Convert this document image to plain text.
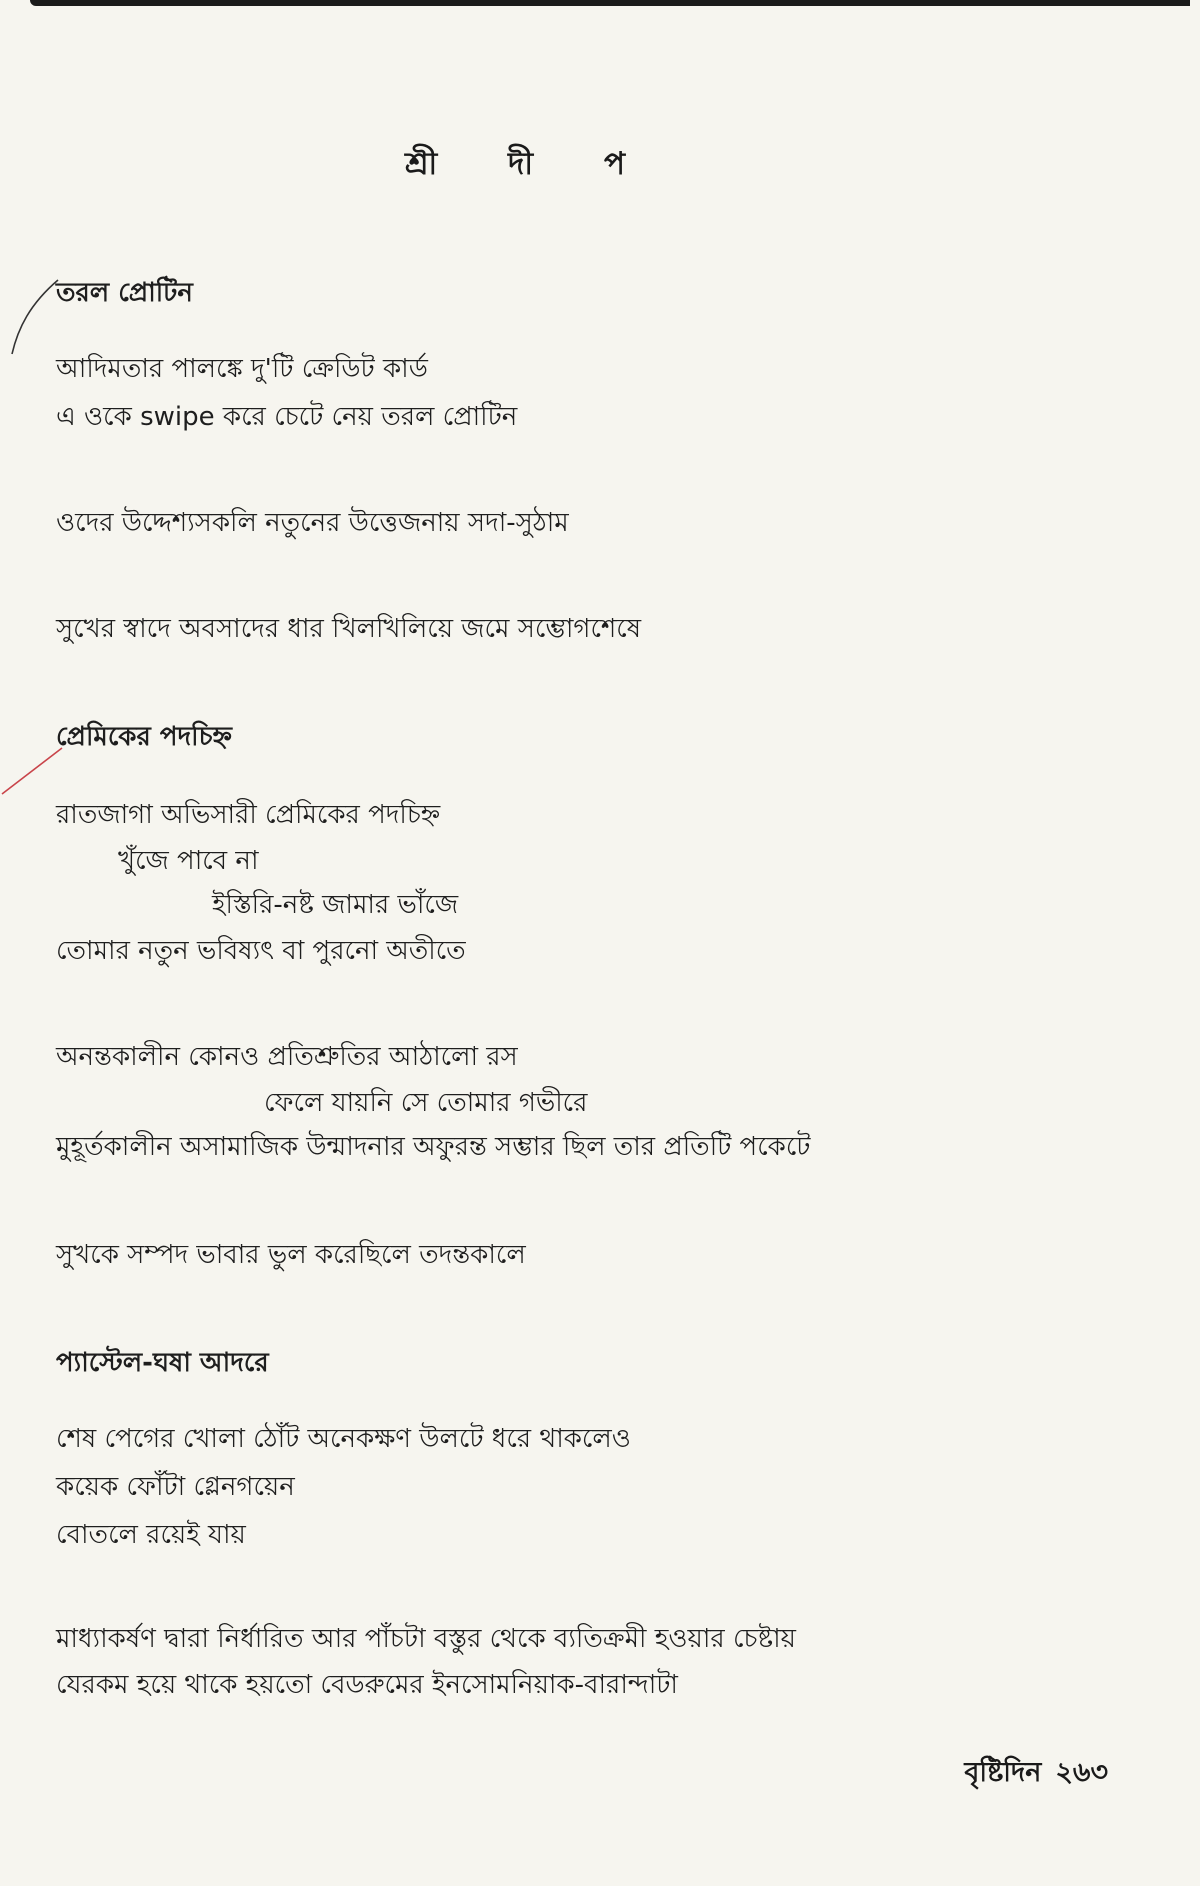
শ্রী দী প
তরল প্রোটিন
আদিমতার পালঙ্কে দু'টি ক্রেডিট কার্ড
এ ওকে swipe করে চেটে নেয় তরল প্রোটিন
ওদের উদ্দেশ্যসকলি নতুনের উত্তেজনায় সদা-সুঠাম
সুখের স্বাদে অবসাদের ধার খিলখিলিয়ে জমে সম্ভোগশেষে
প্রেমিকের পদচিহ্ন
রাতজাগা অভিসারী প্রেমিকের পদচিহ্ন
খুঁজে পাবে না
ইস্তিরি-নষ্ট জামার ভাঁজে
তোমার নতুন ভবিষ্যৎ বা পুরনো অতীতে
অনন্তকালীন কোনও প্রতিশ্রুতির আঠালো রস
ফেলে যায়নি সে তোমার গভীরে
মুহূর্তকালীন অসামাজিক উন্মাদনার অফুরন্ত সম্ভার ছিল তার প্রতিটি পকেটে
সুখকে সম্পদ ভাবার ভুল করেছিলে তদন্তকালে
প্যাস্টেল-ঘষা আদরে
শেষ পেগের খোলা ঠোঁট অনেকক্ষণ উলটে ধরে থাকলেও
কয়েক ফোঁটা গ্লেনগয়েন
বোতলে রয়েই যায়
মাধ্যাকর্ষণ দ্বারা নির্ধারিত আর পাঁচটা বস্তুর থেকে ব্যতিক্রমী হওয়ার চেষ্টায়
যেরকম হয়ে থাকে হয়তো বেডরুমের ইনসোমনিয়াক-বারান্দাটা
বৃষ্টিদিন ২৬৩
